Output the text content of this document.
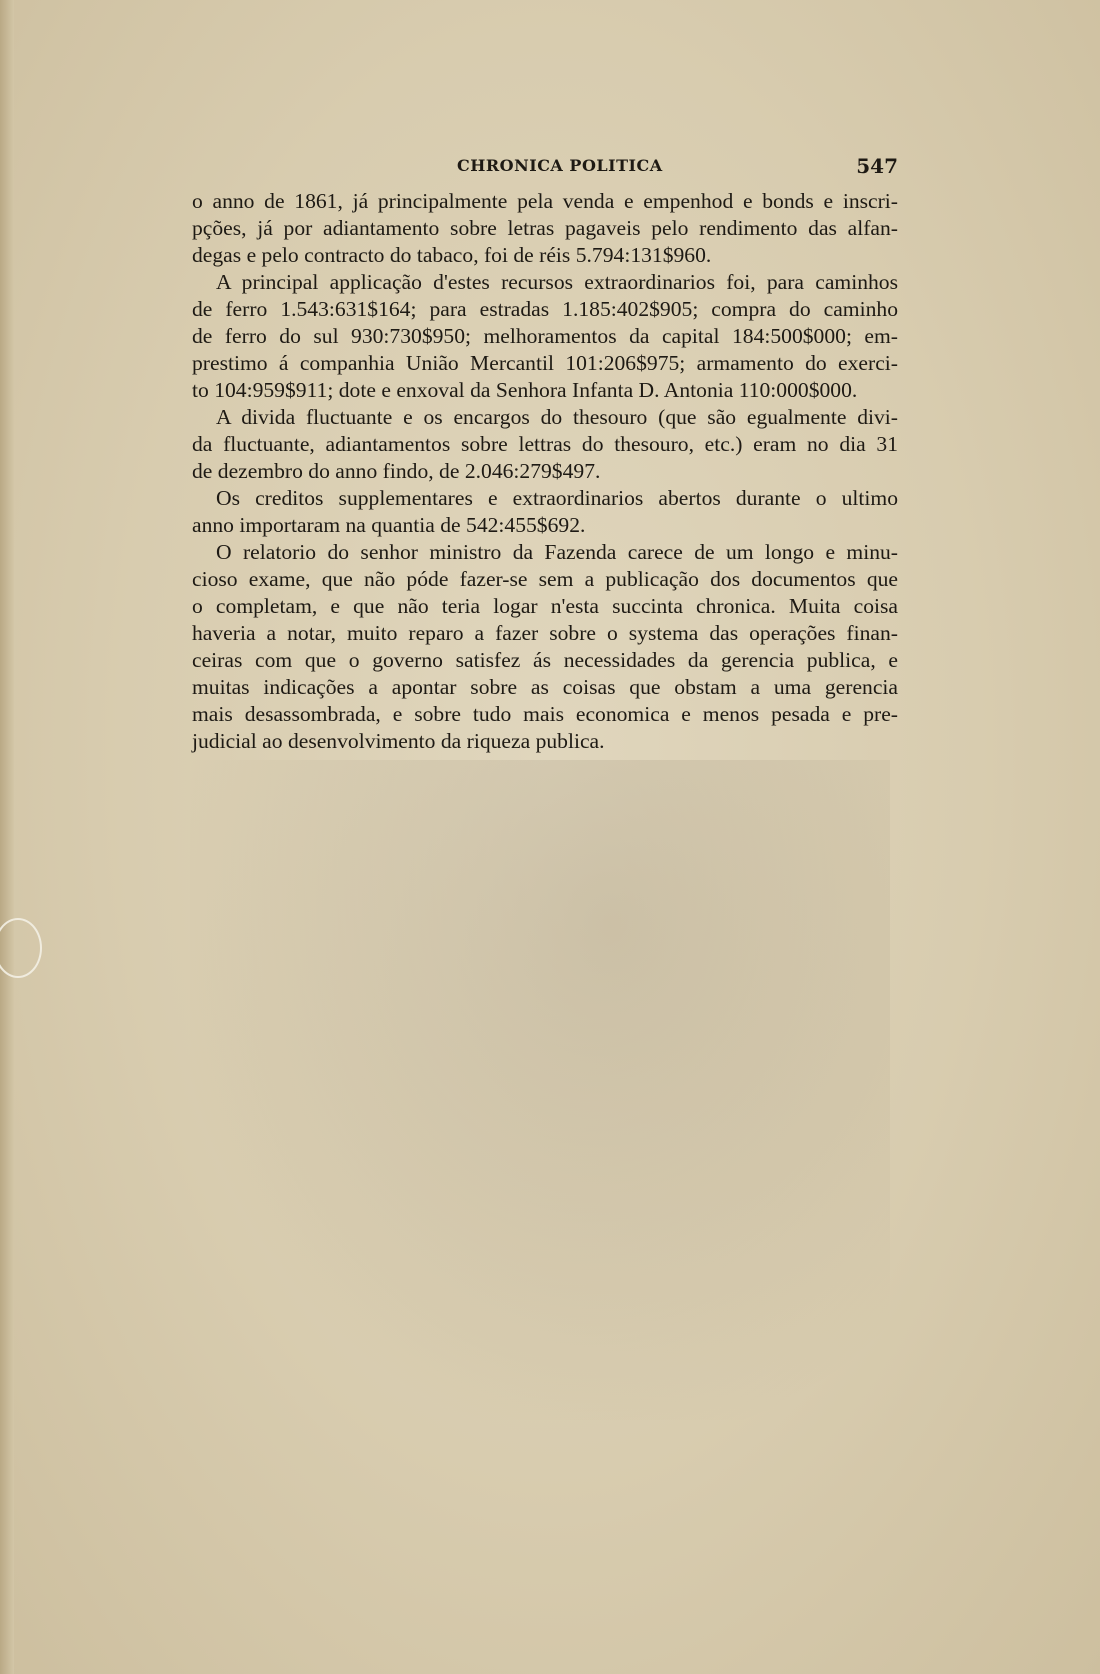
CHRONICA POLITICA	547
o anno de 1861, já principalmente pela venda e empenhod e bonds e inscri-
pções, já por adiantamento sobre letras pagaveis pelo rendimento das alfan-
degas e pelo contracto do tabaco, foi de réis 5.794:131$960.
A principal applicação d'estes recursos extraordinarios foi, para caminhos
de ferro 1.543:631$164; para estradas 1.185:402$905; compra do caminho
de ferro do sul 930:730$950; melhoramentos da capital 184:500$000; em-
prestimo á companhia União Mercantil 101:206$975; armamento do exerci-
to 104:959$911; dote e enxoval da Senhora Infanta D. Antonia 110:000$000.
A divida fluctuante e os encargos do thesouro (que são egualmente divi-
da fluctuante, adiantamentos sobre lettras do thesouro, etc.) eram no dia 31
de dezembro do anno findo, de 2.046:279$497.
Os creditos supplementares e extraordinarios abertos durante o ultimo
anno importaram na quantia de 542:455$692.
O relatorio do senhor ministro da Fazenda carece de um longo e minu-
cioso exame, que não póde fazer-se sem a publicação dos documentos que
o completam, e que não teria logar n'esta succinta chronica. Muita coisa
haveria a notar, muito reparo a fazer sobre o systema das operações finan-
ceiras com que o governo satisfez ás necessidades da gerencia publica, e
muitas indicações a apontar sobre as coisas que obstam a uma gerencia
mais desassombrada, e sobre tudo mais economica e menos pesada e pre-
judicial ao desenvolvimento da riqueza publica.
